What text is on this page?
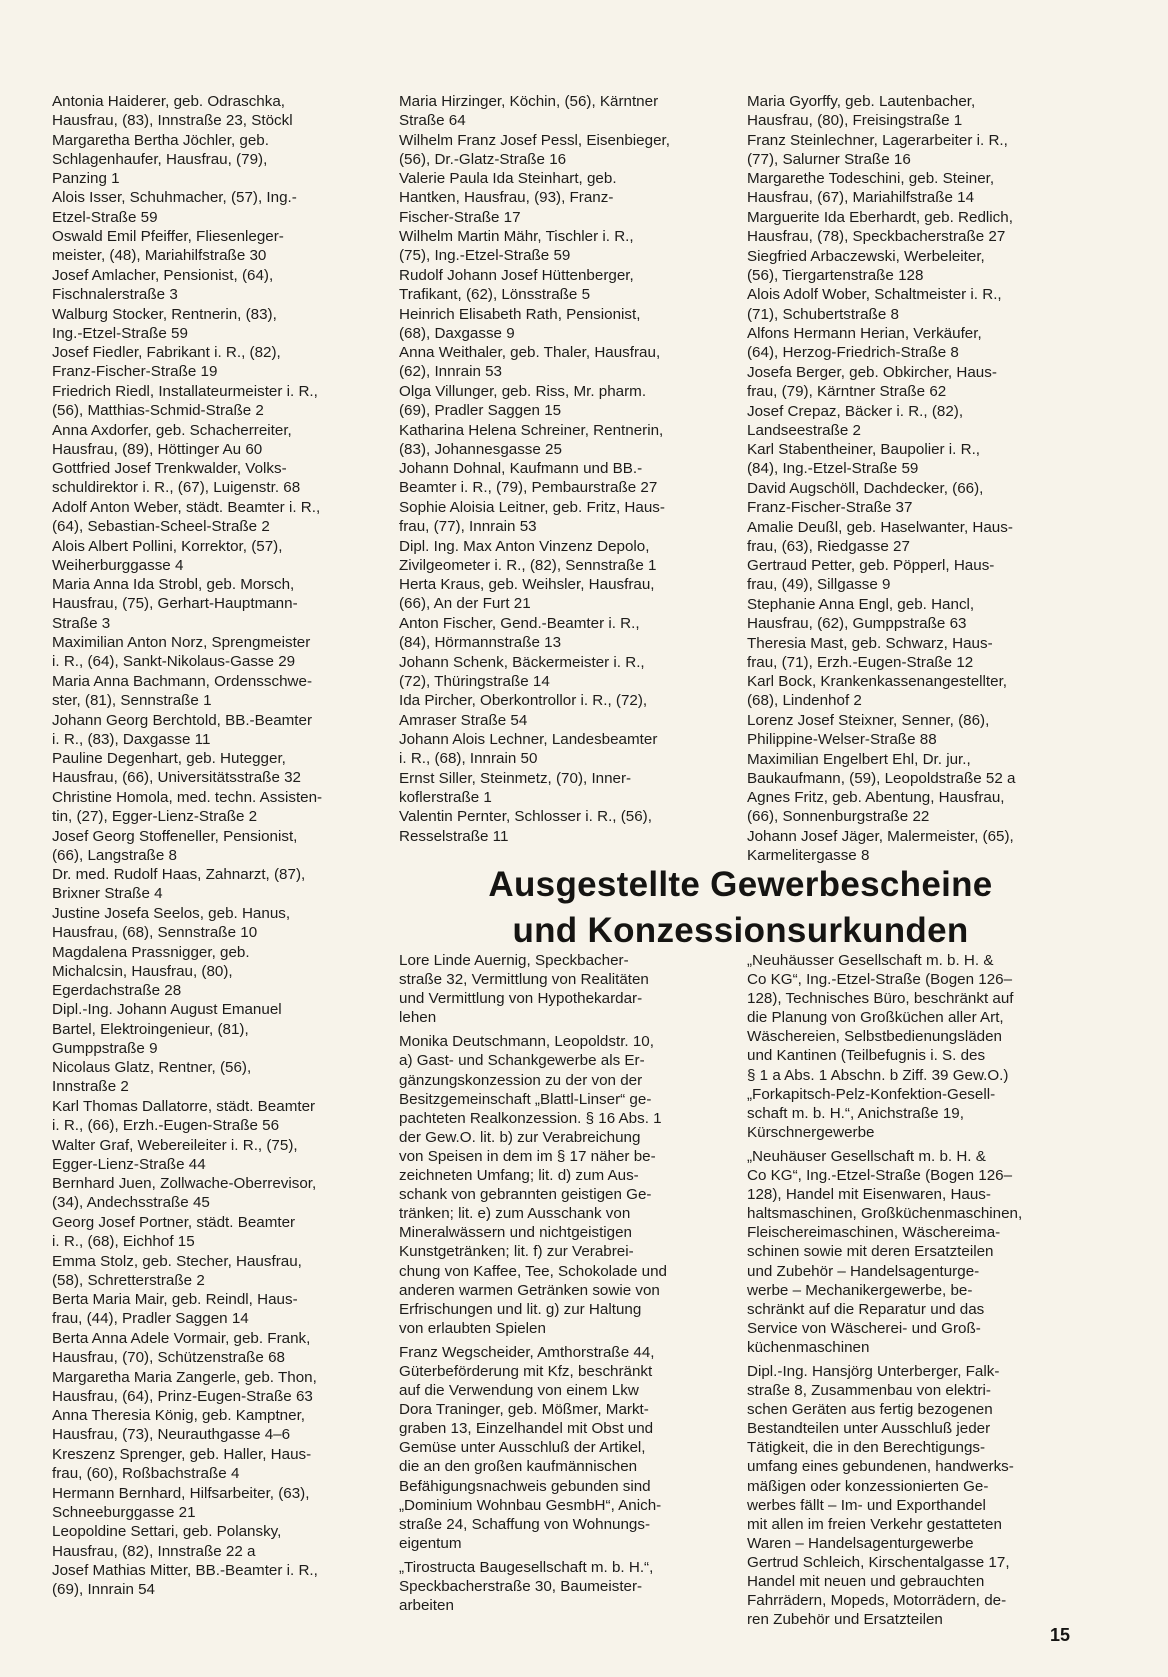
Antonia Haiderer, geb. Odraschka,
Hausfrau, (83), Innstraße 23, Stöckl
Margaretha Bertha Jöchler, geb.
Schlagenhaufer, Hausfrau, (79),
Panzing 1
Alois Isser, Schuhmacher, (57), Ing.-
Etzel-Straße 59
Oswald Emil Pfeiffer, Fliesenleger-
meister, (48), Mariahilfstraße 30
Josef Amlacher, Pensionist, (64),
Fischnalerstraße 3
Walburg Stocker, Rentnerin, (83),
Ing.-Etzel-Straße 59
Josef Fiedler, Fabrikant i. R., (82),
Franz-Fischer-Straße 19
Friedrich Riedl, Installateurmeister i. R.,
(56), Matthias-Schmid-Straße 2
Anna Axdorfer, geb. Schacherreiter,
Hausfrau, (89), Höttinger Au 60
Gottfried Josef Trenkwalder, Volks-
schuldirektor i. R., (67), Luigenstr. 68
Adolf Anton Weber, städt. Beamter i. R.,
(64), Sebastian-Scheel-Straße 2
Alois Albert Pollini, Korrektor, (57),
Weiherburggasse 4
Maria Anna Ida Strobl, geb. Morsch,
Hausfrau, (75), Gerhart-Hauptmann-
Straße 3
Maximilian Anton Norz, Sprengmeister
i. R., (64), Sankt-Nikolaus-Gasse 29
Maria Anna Bachmann, Ordensschwe-
ster, (81), Sennstraße 1
Johann Georg Berchtold, BB.-Beamter
i. R., (83), Daxgasse 11
Pauline Degenhart, geb. Hutegger,
Hausfrau, (66), Universitätsstraße 32
Christine Homola, med. techn. Assisten-
tin, (27), Egger-Lienz-Straße 2
Josef Georg Stoffeneller, Pensionist,
(66), Langstraße 8
Dr. med. Rudolf Haas, Zahnarzt, (87),
Brixner Straße 4
Justine Josefa Seelos, geb. Hanus,
Hausfrau, (68), Sennstraße 10
Magdalena Prassnigger, geb.
Michalcsin, Hausfrau, (80),
Egerdachstraße 28
Dipl.-Ing. Johann August Emanuel
Bartel, Elektroingenieur, (81),
Gumppstraße 9
Nicolaus Glatz, Rentner, (56),
Innstraße 2
Karl Thomas Dallatorre, städt. Beamter
i. R., (66), Erzh.-Eugen-Straße 56
Walter Graf, Webereileiter i. R., (75),
Egger-Lienz-Straße 44
Bernhard Juen, Zollwache-Oberrevisor,
(34), Andechsstraße 45
Georg Josef Portner, städt. Beamter
i. R., (68), Eichhof 15
Emma Stolz, geb. Stecher, Hausfrau,
(58), Schretterstraße 2
Berta Maria Mair, geb. Reindl, Haus-
frau, (44), Pradler Saggen 14
Berta Anna Adele Vormair, geb. Frank,
Hausfrau, (70), Schützenstraße 68
Margaretha Maria Zangerle, geb. Thon,
Hausfrau, (64), Prinz-Eugen-Straße 63
Anna Theresia König, geb. Kamptner,
Hausfrau, (73), Neurauthgasse 4–6
Kreszenz Sprenger, geb. Haller, Haus-
frau, (60), Roßbachstraße 4
Hermann Bernhard, Hilfsarbeiter, (63),
Schneeburggasse 21
Leopoldine Settari, geb. Polansky,
Hausfrau, (82), Innstraße 22 a
Josef Mathias Mitter, BB.-Beamter i. R.,
(69), Innrain 54
Maria Hirzinger, Köchin, (56), Kärntner
Straße 64
Wilhelm Franz Josef Pessl, Eisenbieger,
(56), Dr.-Glatz-Straße 16
Valerie Paula Ida Steinhart, geb.
Hantken, Hausfrau, (93), Franz-
Fischer-Straße 17
Wilhelm Martin Mähr, Tischler i. R.,
(75), Ing.-Etzel-Straße 59
Rudolf Johann Josef Hüttenberger,
Trafikant, (62), Lönsstraße 5
Heinrich Elisabeth Rath, Pensionist,
(68), Daxgasse 9
Anna Weithaler, geb. Thaler, Hausfrau,
(62), Innrain 53
Olga Villunger, geb. Riss, Mr. pharm.
(69), Pradler Saggen 15
Katharina Helena Schreiner, Rentnerin,
(83), Johannesgasse 25
Johann Dohnal, Kaufmann und BB.-
Beamter i. R., (79), Pembaurstraße 27
Sophie Aloisia Leitner, geb. Fritz, Haus-
frau, (77), Innrain 53
Dipl. Ing. Max Anton Vinzenz Depolo,
Zivilgeometer i. R., (82), Sennstraße 1
Herta Kraus, geb. Weihsler, Hausfrau,
(66), An der Furt 21
Anton Fischer, Gend.-Beamter i. R.,
(84), Hörmannstraße 13
Johann Schenk, Bäckermeister i. R.,
(72), Thüringstraße 14
Ida Pircher, Oberkontrollor i. R., (72),
Amraser Straße 54
Johann Alois Lechner, Landesbeamter
i. R., (68), Innrain 50
Ernst Siller, Steinmetz, (70), Inner-
koflerstraße 1
Valentin Pernter, Schlosser i. R., (56),
Resselstraße 11
Maria Gyorffy, geb. Lautenbacher,
Hausfrau, (80), Freisingstraße 1
Franz Steinlechner, Lagerarbeiter i. R.,
(77), Salurner Straße 16
Margarethe Todeschini, geb. Steiner,
Hausfrau, (67), Mariahilfstraße 14
Marguerite Ida Eberhardt, geb. Redlich,
Hausfrau, (78), Speckbacherstraße 27
Siegfried Arbaczewski, Werbeleiter,
(56), Tiergartenstraße 128
Alois Adolf Wober, Schaltmeister i. R.,
(71), Schubertstraße 8
Alfons Hermann Herian, Verkäufer,
(64), Herzog-Friedrich-Straße 8
Josefa Berger, geb. Obkircher, Haus-
frau, (79), Kärntner Straße 62
Josef Crepaz, Bäcker i. R., (82),
Landseestraße 2
Karl Stabentheiner, Baupolier i. R.,
(84), Ing.-Etzel-Straße 59
David Augschöll, Dachdecker, (66),
Franz-Fischer-Straße 37
Amalie Deußl, geb. Haselwanter, Haus-
frau, (63), Riedgasse 27
Gertraud Petter, geb. Pöpperl, Haus-
frau, (49), Sillgasse 9
Stephanie Anna Engl, geb. Hancl,
Hausfrau, (62), Gumppstraße 63
Theresia Mast, geb. Schwarz, Haus-
frau, (71), Erzh.-Eugen-Straße 12
Karl Bock, Krankenkassenangestellter,
(68), Lindenhof 2
Lorenz Josef Steixner, Senner, (86),
Philippine-Welser-Straße 88
Maximilian Engelbert Ehl, Dr. jur.,
Baukaufmann, (59), Leopoldstraße 52 a
Agnes Fritz, geb. Abentung, Hausfrau,
(66), Sonnenburgstraße 22
Johann Josef Jäger, Malermeister, (65),
Karmelitergasse 8
Ausgestellte Gewerbescheine
und Konzessionsurkunden
Lore Linde Auernig, Speckbacher-
straße 32, Vermittlung von Realitäten
und Vermittlung von Hypothekardar-
lehen
Monika Deutschmann, Leopoldstr. 10,
a) Gast- und Schankgewerbe als Er-
gänzungskonzession zu der von der
Besitzgemeinschaft „Blattl-Linser“ ge-
pachteten Realkonzession. § 16 Abs. 1
der Gew.O. lit. b) zur Verabreichung
von Speisen in dem im § 17 näher be-
zeichneten Umfang; lit. d) zum Aus-
schank von gebrannten geistigen Ge-
tränken; lit. e) zum Ausschank von
Mineralwässern und nichtgeistigen
Kunstgetränken; lit. f) zur Verabrei-
chung von Kaffee, Tee, Schokolade und
anderen warmen Getränken sowie von
Erfrischungen und lit. g) zur Haltung
von erlaubten Spielen
Franz Wegscheider, Amthorstraße 44,
Güterbeförderung mit Kfz, beschränkt
auf die Verwendung von einem Lkw
Dora Traninger, geb. Mößmer, Markt-
graben 13, Einzelhandel mit Obst und
Gemüse unter Ausschluß der Artikel,
die an den großen kaufmännischen
Befähigungsnachweis gebunden sind
„Dominium Wohnbau GesmbH“, Anich-
straße 24, Schaffung von Wohnungs-
eigentum
„Tirostructa Baugesellschaft m. b. H.“,
Speckbacherstraße 30, Baumeister-
arbeiten
„Neuhäusser Gesellschaft m. b. H. &
Co KG“, Ing.-Etzel-Straße (Bogen 126–
128), Technisches Büro, beschränkt auf
die Planung von Großküchen aller Art,
Wäschereien, Selbstbedienungsläden
und Kantinen (Teilbefugnis i. S. des
§ 1 a Abs. 1 Abschn. b Ziff. 39 Gew.O.)
„Forkapitsch-Pelz-Konfektion-Gesell-
schaft m. b. H.“, Anichstraße 19,
Kürschnergewerbe
„Neuhäuser Gesellschaft m. b. H. &
Co KG“, Ing.-Etzel-Straße (Bogen 126–
128), Handel mit Eisenwaren, Haus-
haltsmaschinen, Großküchenmaschinen,
Fleischereimaschinen, Wäschereima-
schinen sowie mit deren Ersatzteilen
und Zubehör – Handelsagenturge-
werbe – Mechanikergewerbe, be-
schränkt auf die Reparatur und das
Service von Wäscherei- und Groß-
küchenmaschinen
Dipl.-Ing. Hansjörg Unterberger, Falk-
straße 8, Zusammenbau von elektri-
schen Geräten aus fertig bezogenen
Bestandteilen unter Ausschluß jeder
Tätigkeit, die in den Berechtigungs-
umfang eines gebundenen, handwerks-
mäßigen oder konzessionierten Ge-
werbes fällt – Im- und Exporthandel
mit allen im freien Verkehr gestatteten
Waren – Handelsagenturgewerbe
Gertrud Schleich, Kirschentalgasse 17,
Handel mit neuen und gebrauchten
Fahrrädern, Mopeds, Motorrädern, de-
ren Zubehör und Ersatzteilen
15
